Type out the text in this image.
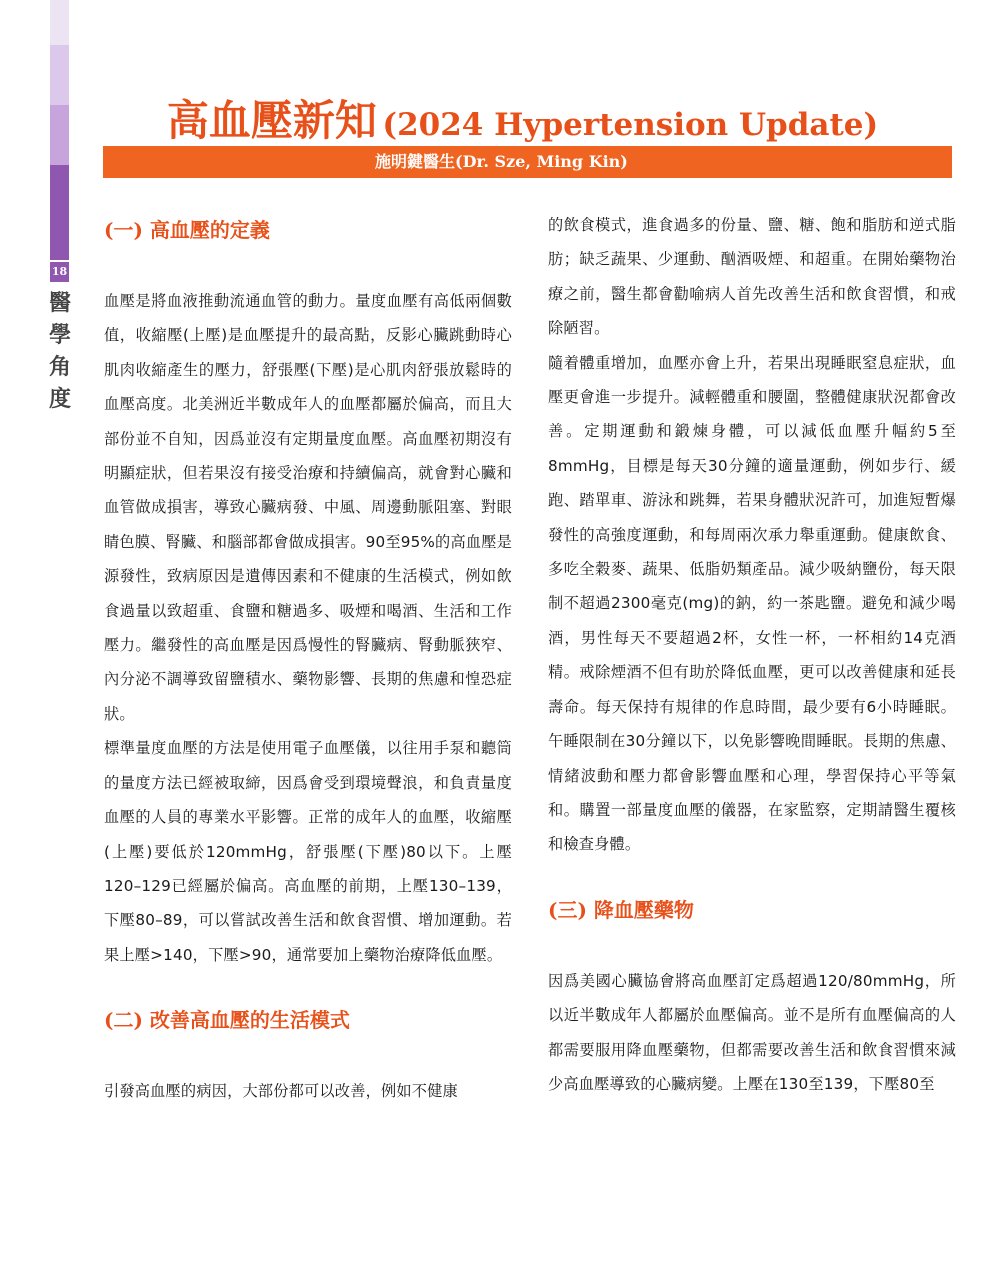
18
醫學角度
高血壓新知 (2024 Hypertension Update)
施明鍵醫生(Dr. Sze, Ming Kin)
(一) 高血壓的定義

血壓是將血液推動流通血管的動力。量度血壓有高低兩個數值，收縮壓(上壓)是血壓提升的最高點，反影心臟跳動時心肌肉收縮產生的壓力，舒張壓(下壓)是心肌肉舒張放鬆時的血壓高度。北美洲近半數成年人的血壓都屬於偏高，而且大部份並不自知，因爲並沒有定期量度血壓。高血壓初期沒有明顯症狀，但若果沒有接受治療和持續偏高，就會對心臟和血管做成損害，導致心臟病發、中風、周邊動脈阻塞、對眼睛色膜、腎臟、和腦部都會做成損害。90至95%的高血壓是源發性，致病原因是遺傳因素和不健康的生活模式，例如飲食過量以致超重、食鹽和糖過多、吸煙和喝酒、生活和工作壓力。繼發性的高血壓是因爲慢性的腎臟病、腎動脈狹窄、內分泌不調導致留鹽積水、藥物影響、長期的焦慮和惶恐症狀。

標準量度血壓的方法是使用電子血壓儀，以往用手泵和聽筒的量度方法已經被取締，因爲會受到環境聲浪，和負責量度血壓的人員的專業水平影響。正常的成年人的血壓，收縮壓(上壓)要低於120mmHg，舒張壓(下壓)80以下。上壓120–129已經屬於偏高。高血壓的前期，上壓130–139，下壓80–89，可以嘗試改善生活和飲食習慣、增加運動。若果上壓>140，下壓>90，通常要加上藥物治療降低血壓。

(二) 改善高血壓的生活模式

引發高血壓的病因，大部份都可以改善，例如不健康

的飲食模式，進食過多的份量、鹽、糖、飽和脂肪和逆式脂肪；缺乏蔬果、少運動、酗酒吸煙、和超重。在開始藥物治療之前，醫生都會勸喻病人首先改善生活和飲食習慣，和戒除陋習。

隨着體重增加，血壓亦會上升，若果出現睡眠窒息症狀，血壓更會進一步提升。減輕體重和腰圍，整體健康狀況都會改善。定期運動和鍛煉身體，可以減低血壓升幅約5至8mmHg，目標是每天30分鐘的適量運動，例如步行、緩跑、踏單車、游泳和跳舞，若果身體狀況許可，加進短暫爆發性的高強度運動，和每周兩次承力舉重運動。健康飲食、多吃全穀麥、蔬果、低脂奶類產品。減少吸納鹽份，每天限制不超過2300毫克(mg)的鈉，約一茶匙鹽。避免和減少喝酒，男性每天不要超過2杯，女性一杯，一杯相約14克酒精。戒除煙酒不但有助於降低血壓，更可以改善健康和延長壽命。每天保持有規律的作息時間，最少要有6小時睡眠。午睡限制在30分鐘以下，以免影響晚間睡眠。長期的焦慮、情緒波動和壓力都會影響血壓和心理，學習保持心平等氣和。購置一部量度血壓的儀器，在家監察，定期請醫生覆核和檢查身體。

(三) 降血壓藥物

因爲美國心臟協會將高血壓訂定爲超過120/80mmHg，所以近半數成年人都屬於血壓偏高。並不是所有血壓偏高的人都需要服用降血壓藥物，但都需要改善生活和飲食習慣來減少高血壓導致的心臟病變。上壓在130至139，下壓80至
